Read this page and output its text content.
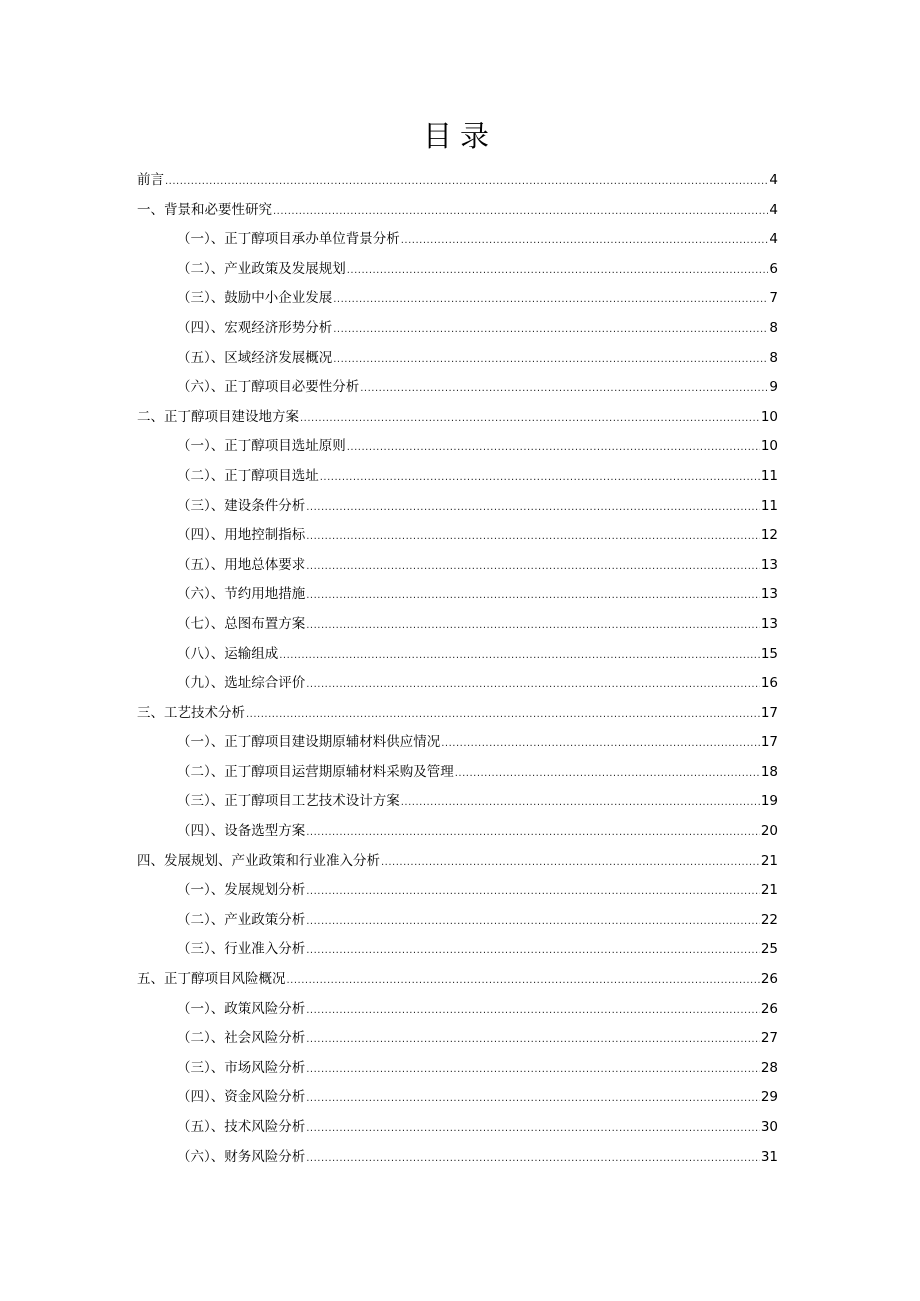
目录
前言 .....	4
一、背景和必要性研究 .....	4
（一）、正丁醇项目承办单位背景分析 .....	4
（二）、产业政策及发展规划 .....	6
（三）、鼓励中小企业发展 .....	7
（四）、宏观经济形势分析 .....	8
（五）、区域经济发展概况 .....	8
（六）、正丁醇项目必要性分析 .....	9
二、正丁醇项目建设地方案 .....	10
（一）、正丁醇项目选址原则 .....	10
（二）、正丁醇项目选址 .....	11
（三）、建设条件分析 .....	11
（四）、用地控制指标 .....	12
（五）、用地总体要求 .....	13
（六）、节约用地措施 .....	13
（七）、总图布置方案 .....	13
（八）、运输组成 .....	15
（九）、选址综合评价 .....	16
三、工艺技术分析 .....	17
（一）、正丁醇项目建设期原辅材料供应情况 .....	17
（二）、正丁醇项目运营期原辅材料采购及管理 .....	18
（三）、正丁醇项目工艺技术设计方案 .....	19
（四）、设备选型方案 .....	20
四、发展规划、产业政策和行业准入分析 .....	21
（一）、发展规划分析 .....	21
（二）、产业政策分析 .....	22
（三）、行业准入分析 .....	25
五、正丁醇项目风险概况 .....	26
（一）、政策风险分析 .....	26
（二）、社会风险分析 .....	27
（三）、市场风险分析 .....	28
（四）、资金风险分析 .....	29
（五）、技术风险分析 .....	30
（六）、财务风险分析 .....	31
